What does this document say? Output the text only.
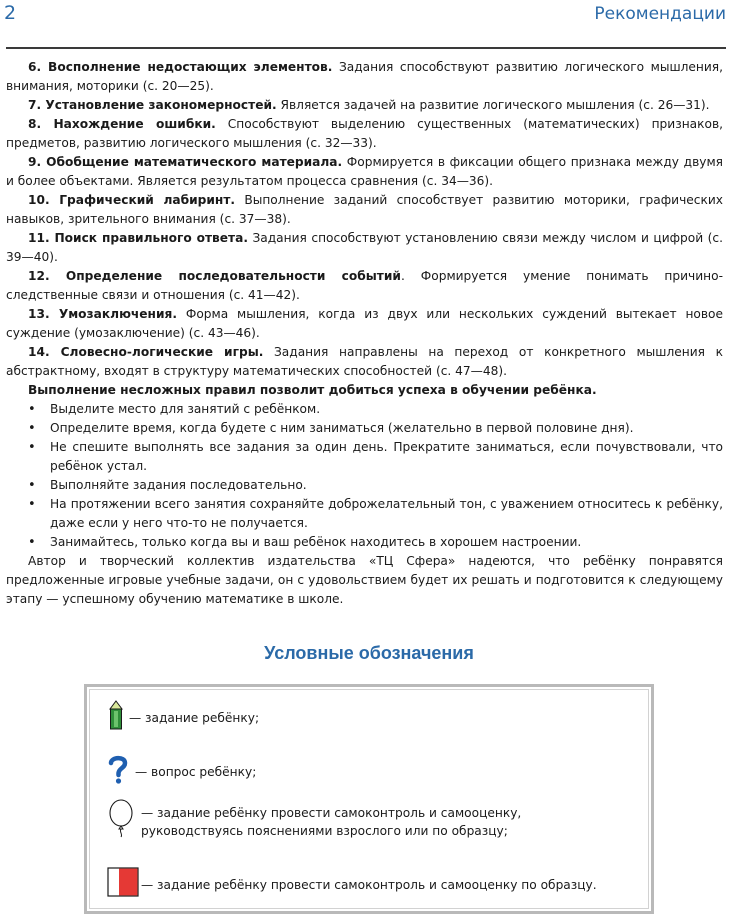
2	Рекомендации

6. Восполнение недостающих элементов. Задания способствуют развитию логического мышления, внимания, моторики (с. 20—25).

7. Установление закономерностей. Является задачей на развитие логического мышления (с. 26—31).

8. Нахождение ошибки. Способствуют выделению существенных (математических) признаков, предметов, развитию логического мышления (с. 32—33).

9. Обобщение математического материала. Формируется в фиксации общего признака между двумя и более объектами. Является результатом процесса сравнения (с. 34—36).

10. Графический лабиринт. Выполнение заданий способствует развитию моторики, графических навыков, зрительного внимания (с. 37—38).

11. Поиск правильного ответа. Задания способствуют установлению связи между числом и цифрой (с. 39—40).

12. Определение последовательности событий. Формируется умение понимать причино-следственные связи и отношения (с. 41—42).

13. Умозаключения. Форма мышления, когда из двух или нескольких суждений вытекает новое суждение (умозаключение) (с. 43—46).

14. Словесно-логические игры. Задания направлены на переход от конкретного мышления к абстрактному, входят в структуру математических способностей (с. 47—48).

Выполнение несложных правил позволит добиться успеха в обучении ребёнка.

• Выделите место для занятий с ребёнком.
• Определите время, когда будете с ним заниматься (желательно в первой половине дня).
• Не спешите выполнять все задания за один день. Прекратите заниматься, если почувствовали, что ребёнок устал.
• Выполняйте задания последовательно.
• На протяжении всего занятия сохраняйте доброжелательный тон, с уважением относитесь к ребёнку, даже если у него что-то не получается.
• Занимайтесь, только когда вы и ваш ребёнок находитесь в хорошем настроении.

Автор и творческий коллектив издательства «ТЦ Сфера» надеются, что ребёнку понравятся предложенные игровые учебные задачи, он с удовольствием будет их решать и подготовится к следующему этапу — успешному обучению математике в школе.

Условные обозначения
— задание ребёнку;
— вопрос ребёнку;
— задание ребёнку провести самоконтроль и самооценку, руководствуясь пояснениями взрослого или по образцу;
— задание ребёнку провести самоконтроль и самооценку по образцу.
